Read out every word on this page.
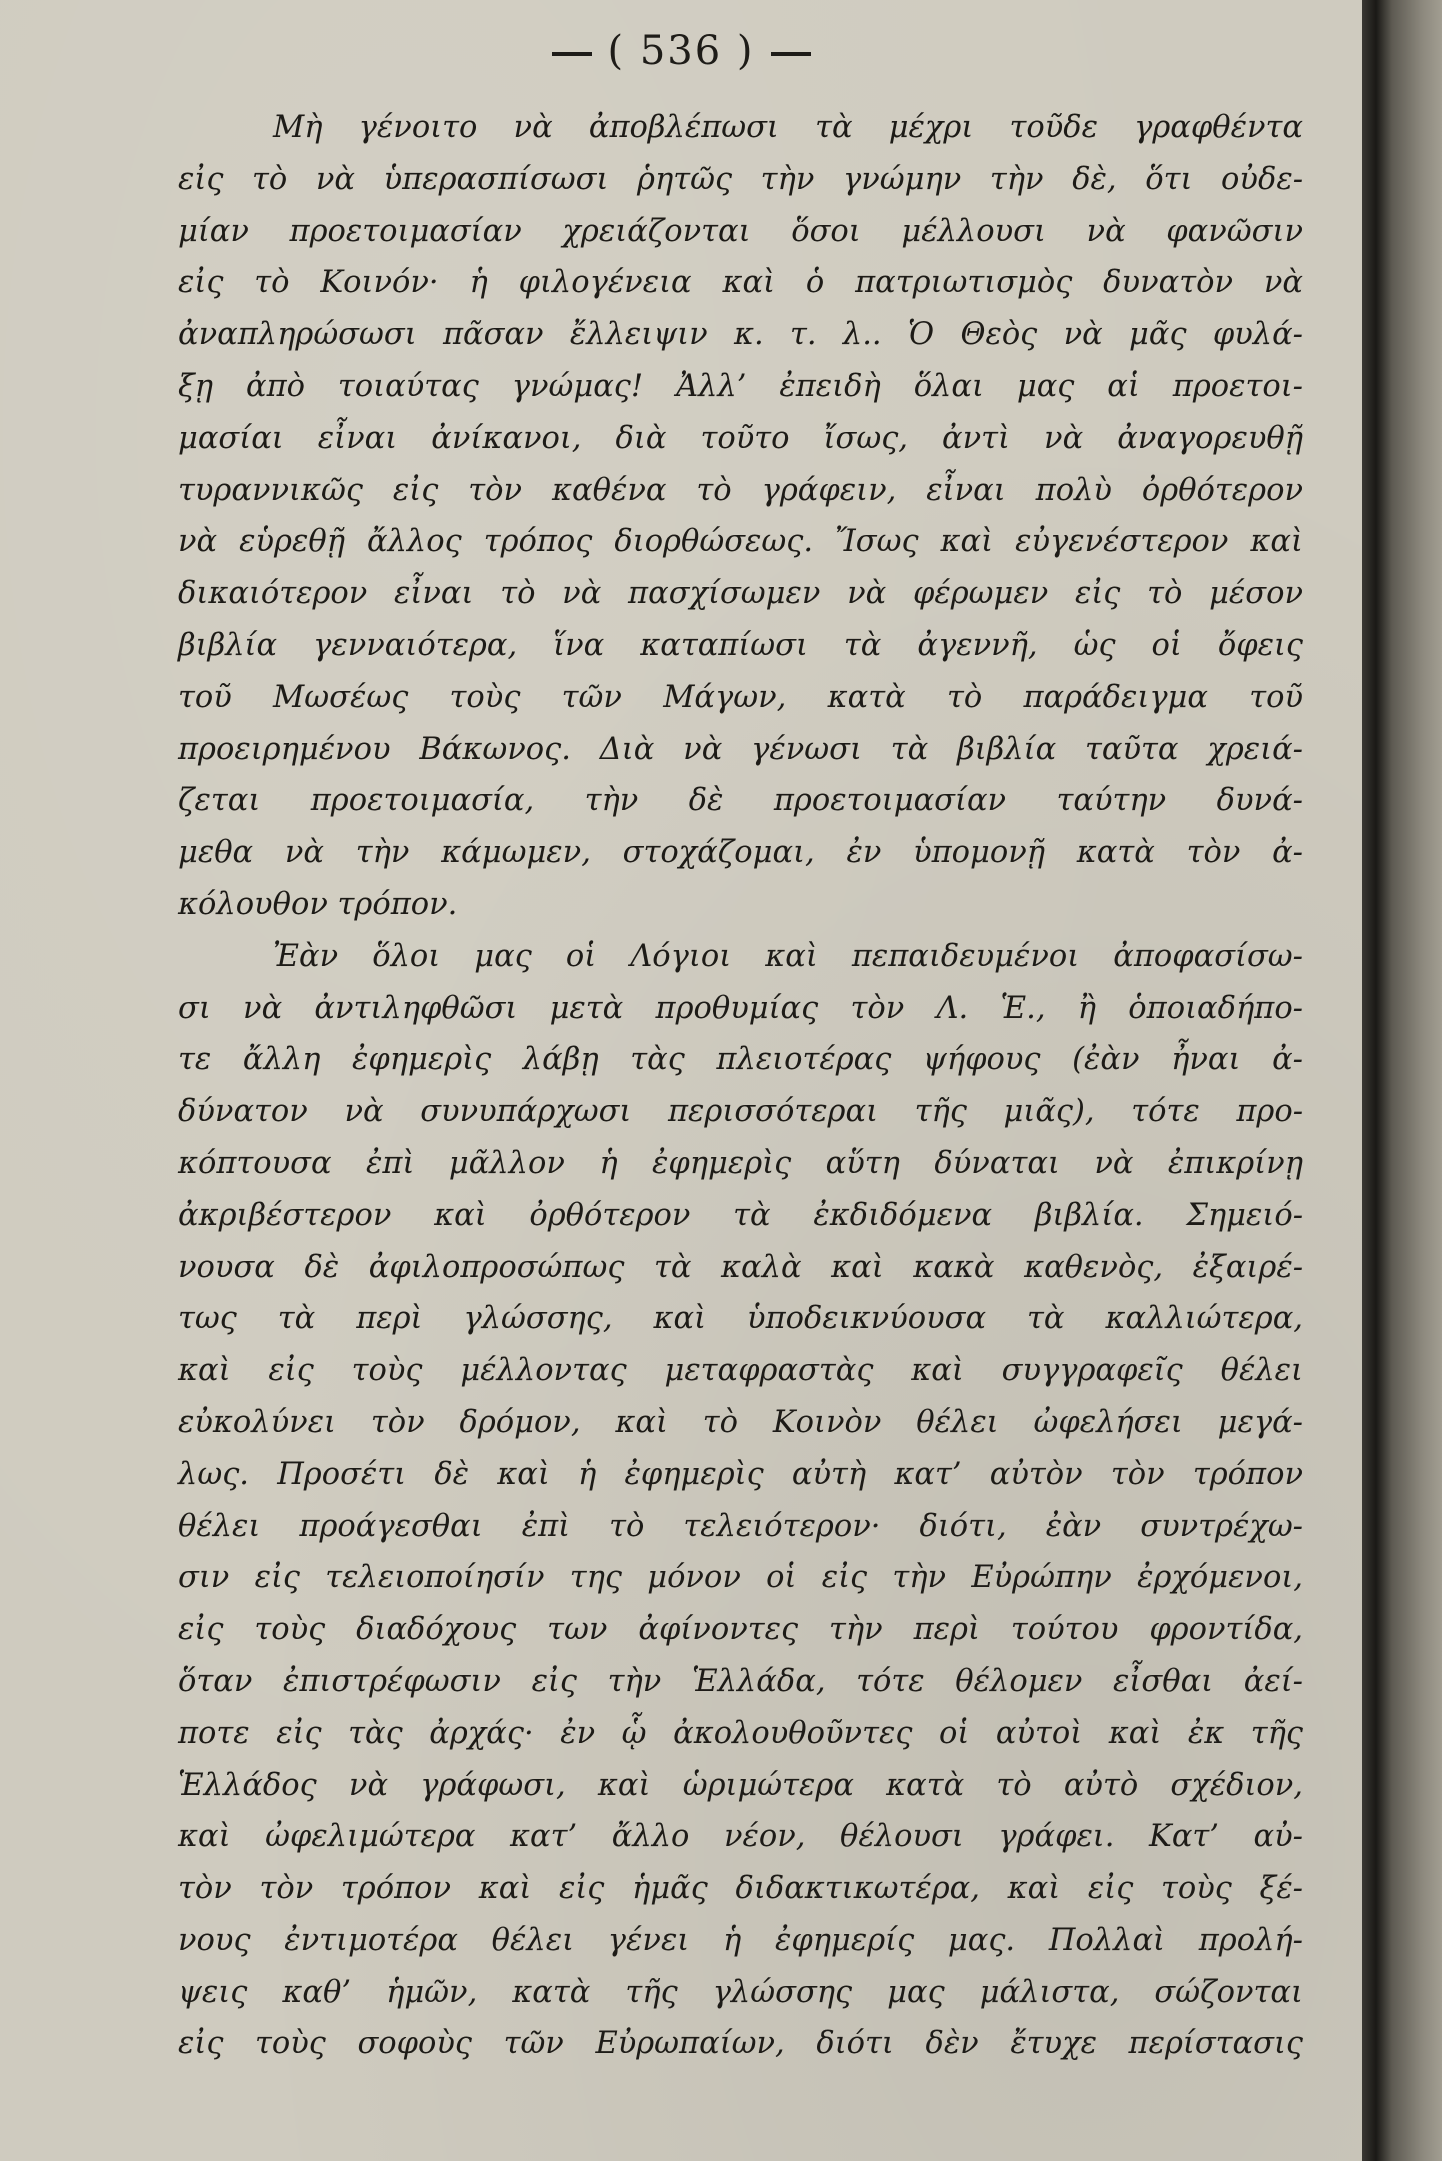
( 536 )
Μὴ γένοιτο νὰ ἀποβλέπωσι τὰ μέχρι τοῦδε γραφθέντα
εἰς τὸ νὰ ὑπερασπίσωσι ῥητῶς τὴν γνώμην τὴν δὲ, ὅτι οὐδε-
μίαν προετοιμασίαν χρειάζονται ὅσοι μέλλουσι νὰ φανῶσιν
εἰς τὸ Κοινόν· ἡ φιλογένεια καὶ ὁ πατριωτισμὸς δυνατὸν νὰ
ἀναπληρώσωσι πᾶσαν ἔλλειψιν κ. τ. λ.. Ὁ Θεὸς νὰ μᾶς φυλά-
ξῃ ἀπὸ τοιαύτας γνώμας! Ἀλλ’ ἐπειδὴ ὅλαι μας αἱ προετοι-
μασίαι εἶναι ἀνίκανοι, διὰ τοῦτο ἴσως, ἀντὶ νὰ ἀναγορευθῇ
τυραννικῶς εἰς τὸν καθένα τὸ γράφειν, εἶναι πολὺ ὀρθότερον
νὰ εὑρεθῇ ἄλλος τρόπος διορθώσεως. Ἴσως καὶ εὐγενέστερον καὶ
δικαιότερον εἶναι τὸ νὰ πασχίσωμεν νὰ φέρωμεν εἰς τὸ μέσον
βιβλία γενναιότερα, ἵνα καταπίωσι τὰ ἀγεννῆ, ὡς οἱ ὄφεις
τοῦ Μωσέως τοὺς τῶν Μάγων, κατὰ τὸ παράδειγμα τοῦ
προειρημένου Βάκωνος. Διὰ νὰ γένωσι τὰ βιβλία ταῦτα χρειά-
ζεται προετοιμασία, τὴν δὲ προετοιμασίαν ταύτην δυνά-
μεθα νὰ τὴν κάμωμεν, στοχάζομαι, ἐν ὑπομονῇ κατὰ τὸν ἀ-
κόλουθον τρόπον.
Ἐὰν ὅλοι μας οἱ Λόγιοι καὶ πεπαιδευμένοι ἀποφασίσω-
σι νὰ ἀντιληφθῶσι μετὰ προθυμίας τὸν Λ. Ἑ., ἢ ὁποιαδήπο-
τε ἄλλη ἐφημερὶς λάβῃ τὰς πλειοτέρας ψήφους (ἐὰν ἦναι ἀ-
δύνατον νὰ συνυπάρχωσι περισσότεραι τῆς μιᾶς), τότε προ-
κόπτουσα ἐπὶ μᾶλλον ἡ ἐφημερὶς αὕτη δύναται νὰ ἐπικρίνῃ
ἀκριβέστερον καὶ ὀρθότερον τὰ ἐκδιδόμενα βιβλία. Σημειό-
νουσα δὲ ἀφιλοπροσώπως τὰ καλὰ καὶ κακὰ καθενὸς, ἐξαιρέ-
τως τὰ περὶ γλώσσης, καὶ ὑποδεικνύουσα τὰ καλλιώτερα,
καὶ εἰς τοὺς μέλλοντας μεταφραστὰς καὶ συγγραφεῖς θέλει
εὐκολύνει τὸν δρόμον, καὶ τὸ Κοινὸν θέλει ὠφελήσει μεγά-
λως. Προσέτι δὲ καὶ ἡ ἐφημερὶς αὐτὴ κατ’ αὐτὸν τὸν τρόπον
θέλει προάγεσθαι ἐπὶ τὸ τελειότερον· διότι, ἐὰν συντρέχω-
σιν εἰς τελειοποίησίν της μόνον οἱ εἰς τὴν Εὐρώπην ἐρχόμενοι,
εἰς τοὺς διαδόχους των ἀφίνοντες τὴν περὶ τούτου φροντίδα,
ὅταν ἐπιστρέφωσιν εἰς τὴν Ἑλλάδα, τότε θέλομεν εἶσθαι ἀεί-
ποτε εἰς τὰς ἀρχάς· ἐν ᾧ ἀκολουθοῦντες οἱ αὐτοὶ καὶ ἐκ τῆς
Ἑλλάδος νὰ γράφωσι, καὶ ὡριμώτερα κατὰ τὸ αὐτὸ σχέδιον,
καὶ ὠφελιμώτερα κατ’ ἄλλο νέον, θέλουσι γράφει. Κατ’ αὐ-
τὸν τὸν τρόπον καὶ εἰς ἡμᾶς διδακτικωτέρα, καὶ εἰς τοὺς ξέ-
νους ἐντιμοτέρα θέλει γένει ἡ ἐφημερίς μας. Πολλαὶ προλή-
ψεις καθ’ ἡμῶν, κατὰ τῆς γλώσσης μας μάλιστα, σώζονται
εἰς τοὺς σοφοὺς τῶν Εὐρωπαίων, διότι δὲν ἔτυχε περίστασις
